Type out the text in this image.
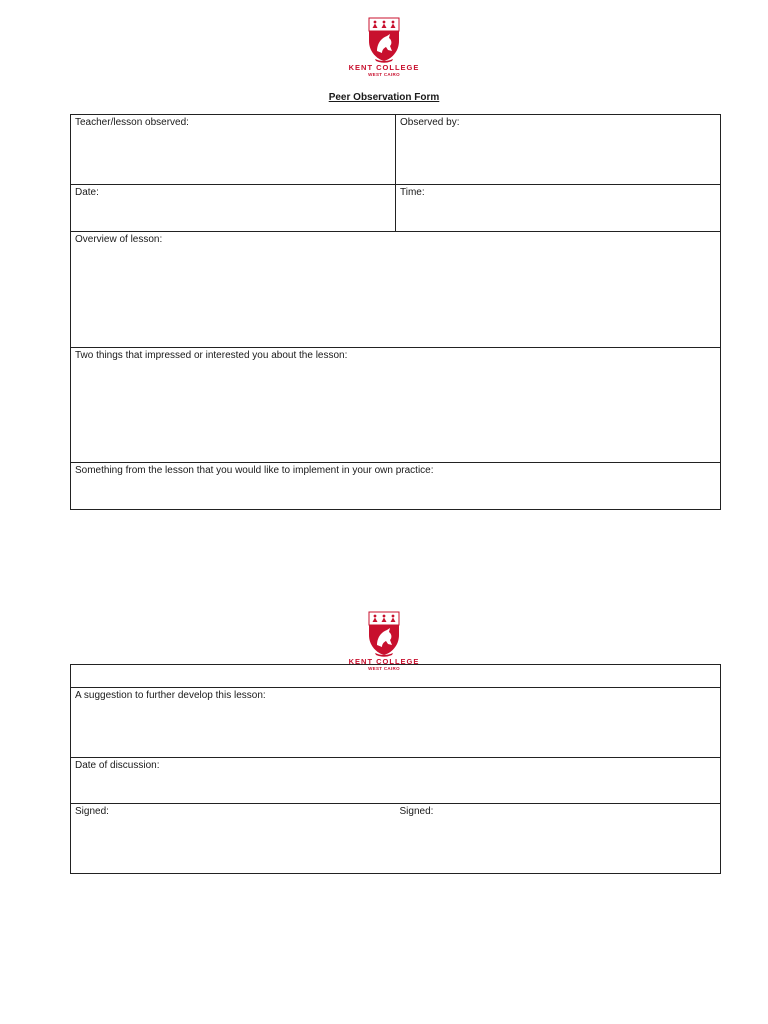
KENT COLLEGE
WEST CAIRO
Peer Observation Form
Teacher/lesson observed:	Observed by:
Date:	Time:
Overview of lesson:	
Two things that impressed or interested you about the lesson:	
Something from the lesson that you would like to implement in your own practice:	
KENT COLLEGE
WEST CAIRO

A suggestion to further develop this lesson:
Date of discussion:
Signed:	Signed:
